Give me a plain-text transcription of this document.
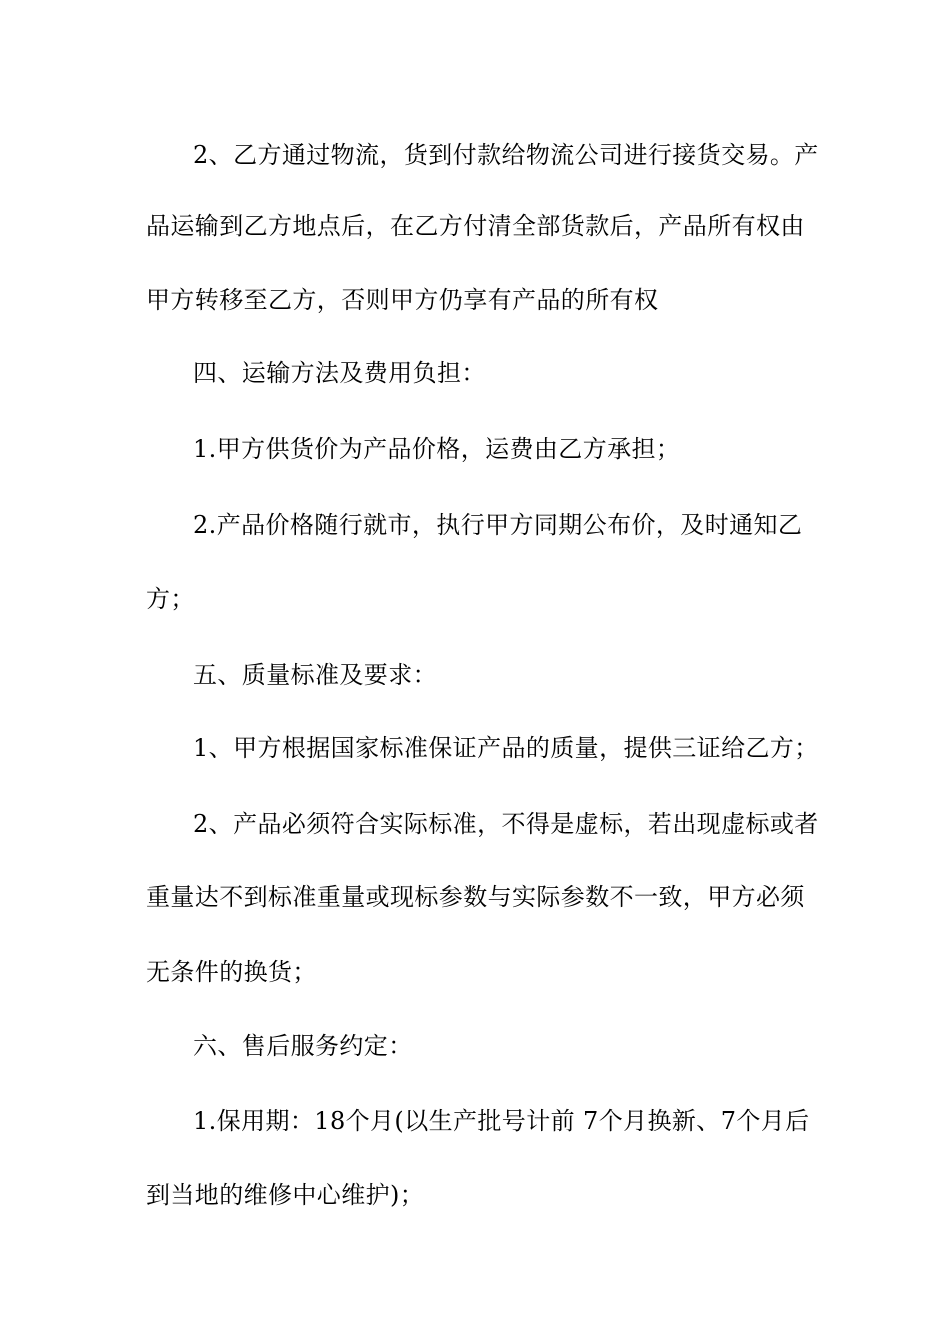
2、乙方通过物流，货到付款给物流公司进行接货交易。产
品运输到乙方地点后，在乙方付清全部货款后，产品所有权由
甲方转移至乙方，否则甲方仍享有产品的所有权
四、运输方法及费用负担：
1.甲方供货价为产品价格，运费由乙方承担；
2.产品价格随行就市，执行甲方同期公布价，及时通知乙
方；
五、质量标准及要求：
1、甲方根据国家标准保证产品的质量，提供三证给乙方；
2、产品必须符合实际标准，不得是虚标，若出现虚标或者
重量达不到标准重量或现标参数与实际参数不一致，甲方必须
无条件的换货；
六、售后服务约定：
1.保用期：18个月(以生产批号计前 7个月换新、7个月后
到当地的维修中心维护)；
